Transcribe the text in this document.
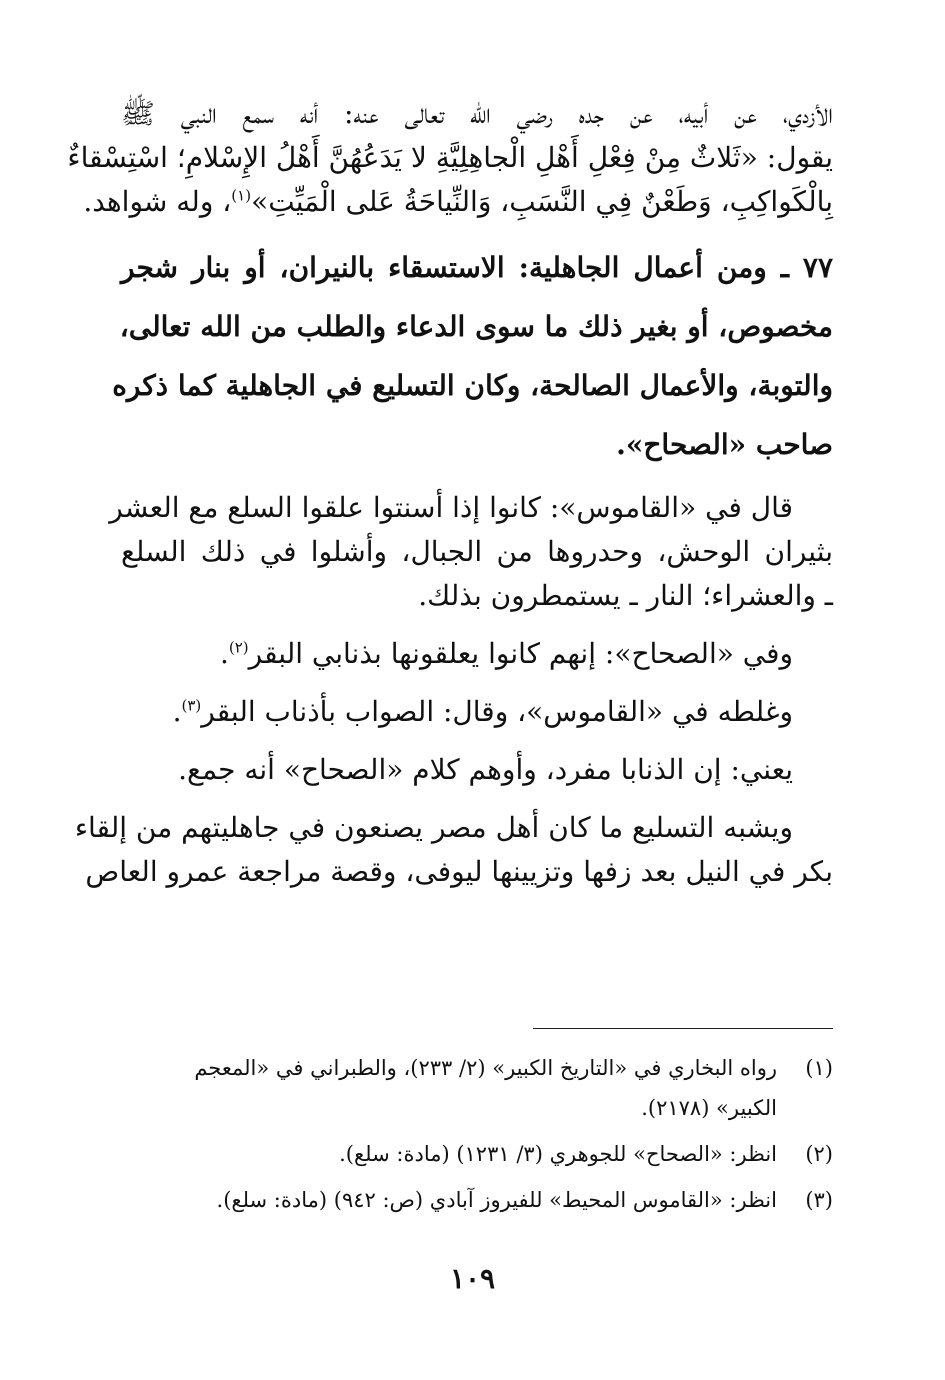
الأزدي، عن أبيه، عن جده رضي الله تعالى عنه: أنه سمع النبي ﷺ
يقول: «ثَلاثٌ مِنْ فِعْلِ أَهْلِ الْجاهِلِيَّةِ لا يَدَعُهُنَّ أَهْلُ الإِسْلامِ؛ اسْتِسْقاءٌ
بِالْكَواكِبِ، وَطَعْنٌ فِي النَّسَبِ، وَالنِّياحَةُ عَلى الْمَيِّتِ»$^{(١)}$، وله شواهد.
٧٧ ـ ومن أعمال الجاهلية: الاستسقاء بالنيران، أو بنار شجر
مخصوص، أو بغير ذلك ما سوى الدعاء والطلب من الله تعالى،
والتوبة، والأعمال الصالحة، وكان التسليع في الجاهلية كما ذكره
صاحب «الصحاح».
قال في «القاموس»: كانوا إذا أسنتوا علقوا السلع مع العشر
بثيران الوحش، وحدروها من الجبال، وأشلوا في ذلك السلع
ـ والعشراء؛ النار ـ يستمطرون بذلك.
وفي «الصحاح»: إنهم كانوا يعلقونها بذنابي البقر$^{(٢)}$.
وغلطه في «القاموس»، وقال: الصواب بأذناب البقر$^{(٣)}$.
يعني: إن الذنابا مفرد، وأوهم كلام «الصحاح» أنه جمع.
ويشبه التسليع ما كان أهل مصر يصنعون في جاهليتهم من إلقاء
بكر في النيل بعد زفها وتزيينها ليوفى، وقصة مراجعة عمرو العاص
(١)
رواه البخاري في «التاريخ الكبير» (٢/ ٢٣٣)، والطبراني في «المعجم
الكبير» (٢١٧٨).
(٢)
انظر: «الصحاح» للجوهري (٣/ ١٢٣١) (مادة: سلع).
(٣)
انظر: «القاموس المحيط» للفيروز آبادي (ص: ٩٤٢) (مادة: سلع).
١٠٩
